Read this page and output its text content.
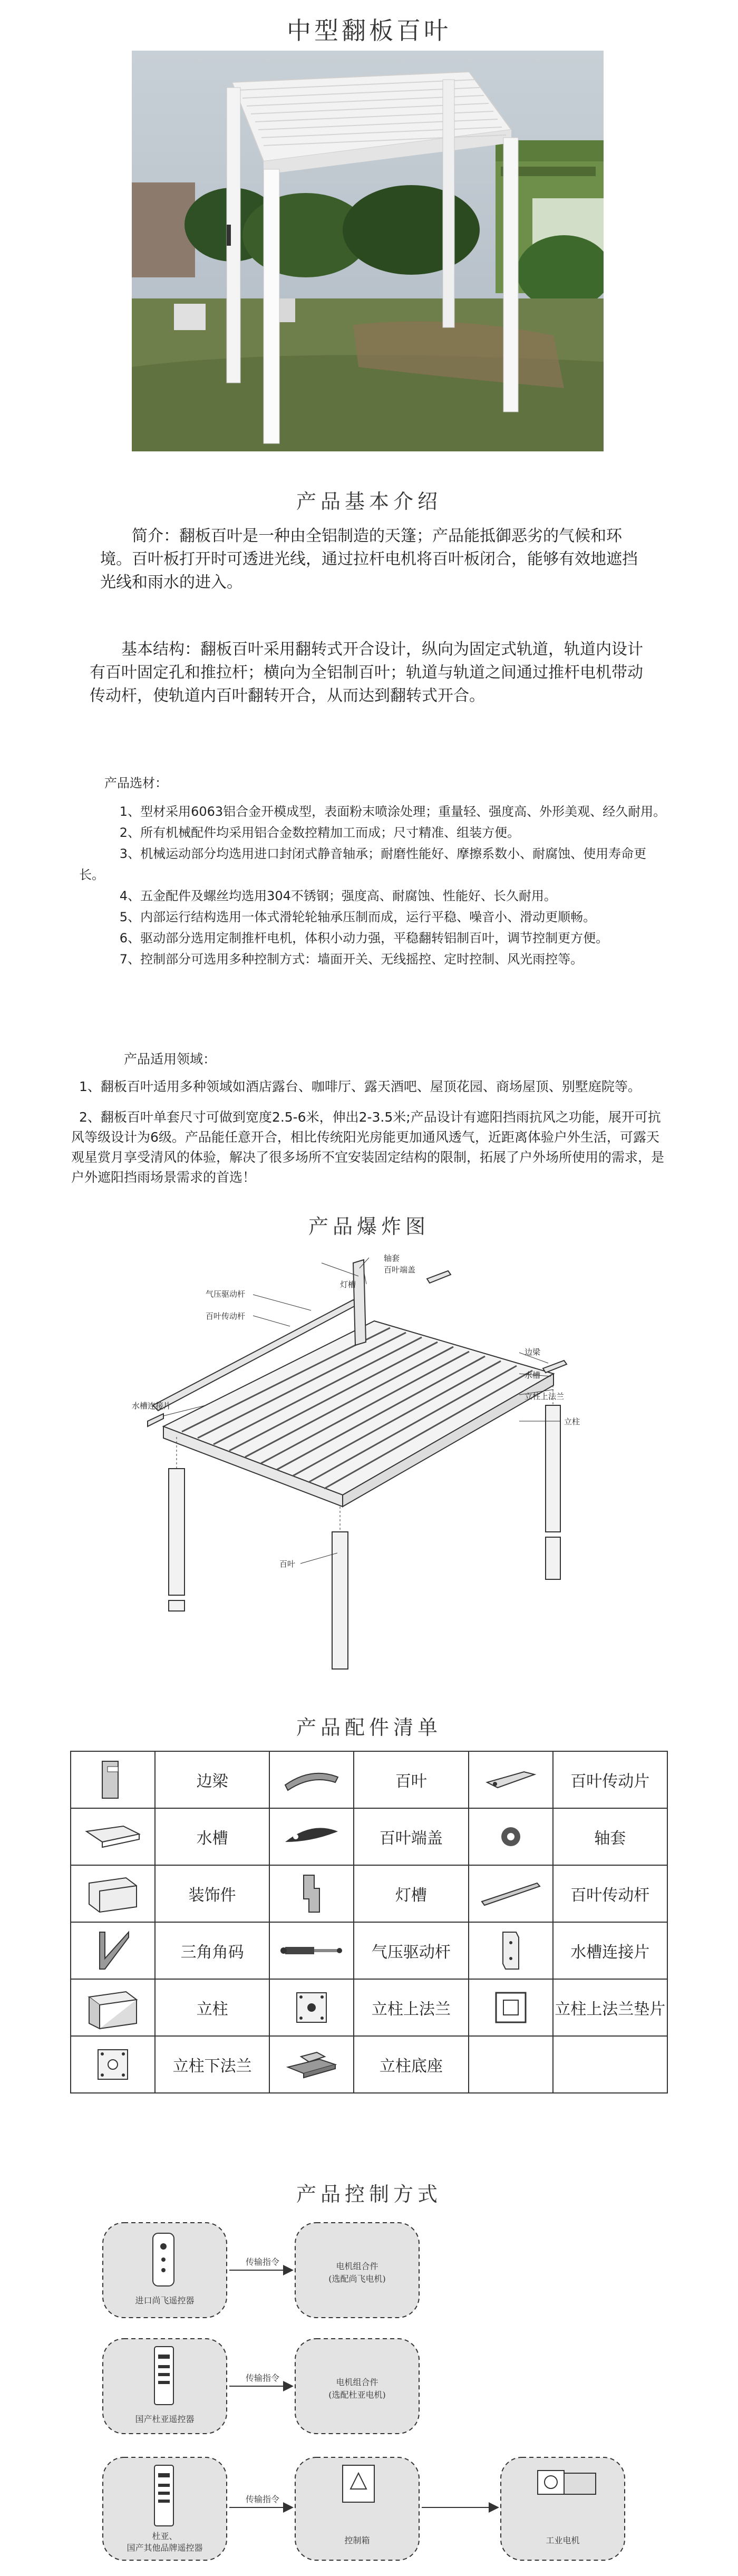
中型翻板百叶
产品基本介绍

简介：翻板百叶是一种由全铝制造的天篷；产品能抵御恶劣的气候和环境。百叶板打开时可透进光线，通过拉杆电机将百叶板闭合，能够有效地遮挡光线和雨水的进入。

基本结构：翻板百叶采用翻转式开合设计，纵向为固定式轨道，轨道内设计有百叶固定孔和推拉杆；横向为全铝制百叶；轨道与轨道之间通过推杆电机带动传动杆，使轨道内百叶翻转开合，从而达到翻转式开合。

产品选材：

1、型材采用6063铝合金开模成型，表面粉末喷涂处理；重量轻、强度高、外形美观、经久耐用。

2、所有机械配件均采用铝合金数控精加工而成；尺寸精准、组装方便。

3、机械运动部分均选用进口封闭式静音轴承；耐磨性能好、摩擦系数小、耐腐蚀、使用寿命更长。

4、五金配件及螺丝均选用304不锈钢；强度高、耐腐蚀、性能好、长久耐用。

5、内部运行结构选用一体式滑轮轮轴承压制而成，运行平稳、噪音小、滑动更顺畅。

6、驱动部分选用定制推杆电机，体积小动力强，平稳翻转铝制百叶，调节控制更方便。

7、控制部分可选用多种控制方式：墙面开关、无线摇控、定时控制、风光雨控等。

产品适用领域：

1、翻板百叶适用多种领域如酒店露台、咖啡厅、露天酒吧、屋顶花园、商场屋顶、别墅庭院等。

2、翻板百叶单套尺寸可做到宽度2.5-6米，伸出2-3.5米;产品设计有遮阳挡雨抗风之功能，展开可抗风等级设计为6级。产品能任意开合，相比传统阳光房能更加通风透气，近距离体验户外生活，可露天观星赏月享受清风的体验，解决了很多场所不宜安装固定结构的限制，拓展了户外场所使用的需求，是户外遮阳挡雨场景需求的首选！

产品爆炸图
轴套
百叶端盖
灯槽
气压驱动杆
百叶传动杆
边梁
水槽
立柱上法兰
立柱
水槽连接片
百叶
产品配件清单
	边梁		百叶		百叶传动片

	水槽		百叶端盖		轴套

	装饰件		灯槽		百叶传动杆

	三角角码		气压驱动杆		水槽连接片

	立柱		立柱上法兰		立柱上法兰垫片

	立柱下法兰		立柱底座		
产品控制方式
传输指令
传输指令
传输指令
进口尚飞遥控器
电机组合件
(选配尚飞电机)
国产杜亚遥控器
电机组合件
(选配杜亚电机)
杜亚、
国产其他品牌遥控器
控制箱	工业电机
